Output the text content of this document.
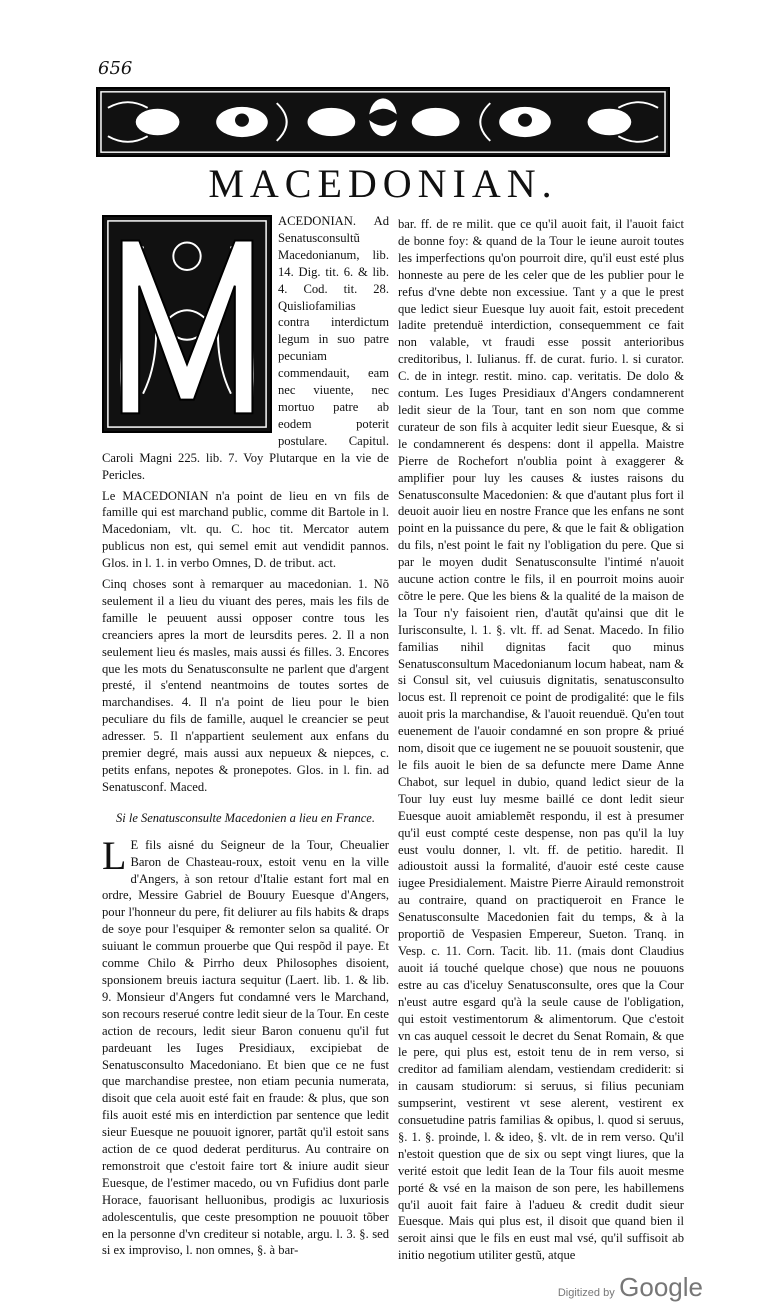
656
MACEDONIAN.

ACEDONIAN. Ad Senatusconsultũ Macedonianum, lib. 14. Dig. tit. 6. & lib. 4. Cod. tit. 28. Quisliofamilias contra interdictum legum in suo patre pecuniam commendauit, eam nec viuente, nec mortuo patre ab eodem poterit postulare. Capitul. Caroli Magni 225. lib. 7. Voy Plutarque en la vie de Pericles.

Le MACEDONIAN n'a point de lieu en vn fils de famille qui est marchand public, comme dit Bartole in l. Macedoniam, vlt. qu. C. hoc tit. Mercator autem publicus non est, qui semel emit aut vendidit pannos. Glos. in l. 1. in verbo Omnes, D. de tribut. act.

Cinq choses sont à remarquer au macedonian. 1. Nõ seulement il a lieu du viuant des peres, mais les fils de famille le peuuent aussi opposer contre tous les creanciers apres la mort de leursdits peres. 2. Il a non seulement lieu és masles, mais aussi és filles. 3. Encores que les mots du Senatusconsulte ne parlent que d'argent presté, il s'entend neantmoins de toutes sortes de marchandises. 4. Il n'a point de lieu pour le bien peculiare du fils de famille, auquel le creancier se peut adresser. 5. Il n'appartient seulement aux enfans du premier degré, mais aussi aux nepueux & niepces, c. petits enfans, nepotes & pronepotes. Glos. in l. fin. ad Senatusconf. Maced.

Si le Senatusconsulte Macedonien a lieu en France.

L E fils aisné du Seigneur de la Tour, Cheualier Baron de Chasteau-roux, estoit venu en la ville d'Angers, à son retour d'Italie estant fort mal en ordre, Messire Gabriel de Bouury Euesque d'Angers, pour l'honneur du pere, fit deliurer au fils habits & draps de soye pour l'esquiper & remonter selon sa qualité. Or suiuant le commun prouerbe que Qui respõd il paye. Et comme Chilo & Pirrho deux Philosophes disoient, sponsionem breuis iactura sequitur (Laert. lib. 1. & lib. 9. Monsieur d'Angers fut condamné vers le Marchand, son recours reserué contre ledit sieur de la Tour. En ceste action de recours, ledit sieur Baron conuenu qu'il fut pardeuant les Iuges Presidiaux, excipiebat de Senatusconsulto Macedoniano. Et bien que ce ne fust que marchandise prestee, non etiam pecunia numerata, disoit que cela auoit esté fait en fraude: & plus, que son fils auoit esté mis en interdiction par sentence que ledit sieur Euesque ne pouuoit ignorer, partãt qu'il estoit sans action de ce quod dederat perditurus. Au contraire on remonstroit que c'estoit faire tort & iniure audit sieur Euesque, de l'estimer macedo, ou vn Fufidius dont parle Horace, fauorisant helluonibus, prodigis ac luxuriosis adolescentulis, que ceste presomption ne pouuoit tõber en la personne d'vn crediteur si notable, argu. l. 3. §. sed si ex improviso, l. non omnes, §. à bar-

bar. ff. de re milit. que ce qu'il auoit fait, il l'auoit faict de bonne foy: & quand de la Tour le ieune auroit toutes les imperfections qu'on pourroit dire, qu'il eust esté plus honneste au pere de les celer que de les publier pour le refus d'vne debte non excessiue. Tant y a que le prest que ledict sieur Euesque luy auoit fait, estoit precedent ladite pretenduë interdiction, consequemment ce fait non valable, vt fraudi esse possit anterioribus creditoribus, l. Iulianus. ff. de curat. furio. l. si curator. C. de in integr. restit. mino. cap. veritatis. De dolo & contum. Les Iuges Presidiaux d'Angers condamnerent ledit sieur de la Tour, tant en son nom que comme curateur de son fils à acquiter ledit sieur Euesque, & si le condamnerent és despens: dont il appella. Maistre Pierre de Rochefort n'oublia point à exaggerer & amplifier pour luy les causes & iustes raisons du Senatusconsulte Macedonien: & que d'autant plus fort il deuoit auoir lieu en nostre France que les enfans ne sont point en la puissance du pere, & que le fait & obligation du fils, n'est point le fait ny l'obligation du pere. Que si par le moyen dudit Senatusconsulte l'intimé n'auoit aucune action contre le fils, il en pourroit moins auoir cõtre le pere. Que les biens & la qualité de la maison de la Tour n'y faisoient rien, d'autãt qu'ainsi que dit le Iurisconsulte, l. 1. §. vlt. ff. ad Senat. Macedo. In filio familias nihil dignitas facit quo minus Senatusconsultum Macedonianum locum habeat, nam & si Consul sit, vel cuiusuis dignitatis, senatusconsulto locus est. Il reprenoit ce point de prodigalité: que le fils auoit pris la marchandise, & l'auoit reuenduë. Qu'en tout euenement de l'auoir condamné en son propre & priué nom, disoit que ce iugement ne se pouuoit soustenir, que le fils auoit le bien de sa defuncte mere Dame Anne Chabot, sur lequel in dubio, quand ledict sieur de la Tour luy eust luy mesme baillé ce dont ledit sieur Euesque auoit amiablemẽt respondu, il est à presumer qu'il eust compté ceste despense, non pas qu'il la luy eust voulu donner, l. vlt. ff. de petitio. haredit. Il adioustoit aussi la formalité, d'auoir esté ceste cause iugee Presidialement. Maistre Pierre Airauld remonstroit au contraire, quand on practiqueroit en France le Senatusconsulte Macedonien fait du temps, & à la proportiõ de Vespasien Empereur, Sueton. Tranq. in Vesp. c. 11. Corn. Tacit. lib. 11. (mais dont Claudius auoit iá touché quelque chose) que nous ne pouuons estre au cas d'iceluy Senatusconsulte, ores que la Cour n'eust autre esgard qu'à la seule cause de l'obligation, qui estoit vestimentorum & alimentorum. Que c'estoit vn cas auquel cessoit le decret du Senat Romain, & que le pere, qui plus est, estoit tenu de in rem verso, si creditor ad familiam alendam, vestiendam crediderit: si in causam studiorum: si seruus, si filius pecuniam sumpserint, vestirent vt sese alerent, vestirent ex consuetudine patris familias & opibus, l. quod si seruus, §. 1. §. proinde, l. & ideo, §. vlt. de in rem verso. Qu'il n'estoit question que de six ou sept vingt liures, que la verité estoit que ledit Iean de la Tour fils auoit mesme porté & vsé en la maison de son pere, les habillemens qu'il auoit fait faire à l'adueu & credit dudit sieur Euesque. Mais qui plus est, il disoit que quand bien il seroit ainsi que le fils en eust mal vsé, qu'il suffisoit ab initio negotium utiliter gestũ, atque

Digitized by Google
